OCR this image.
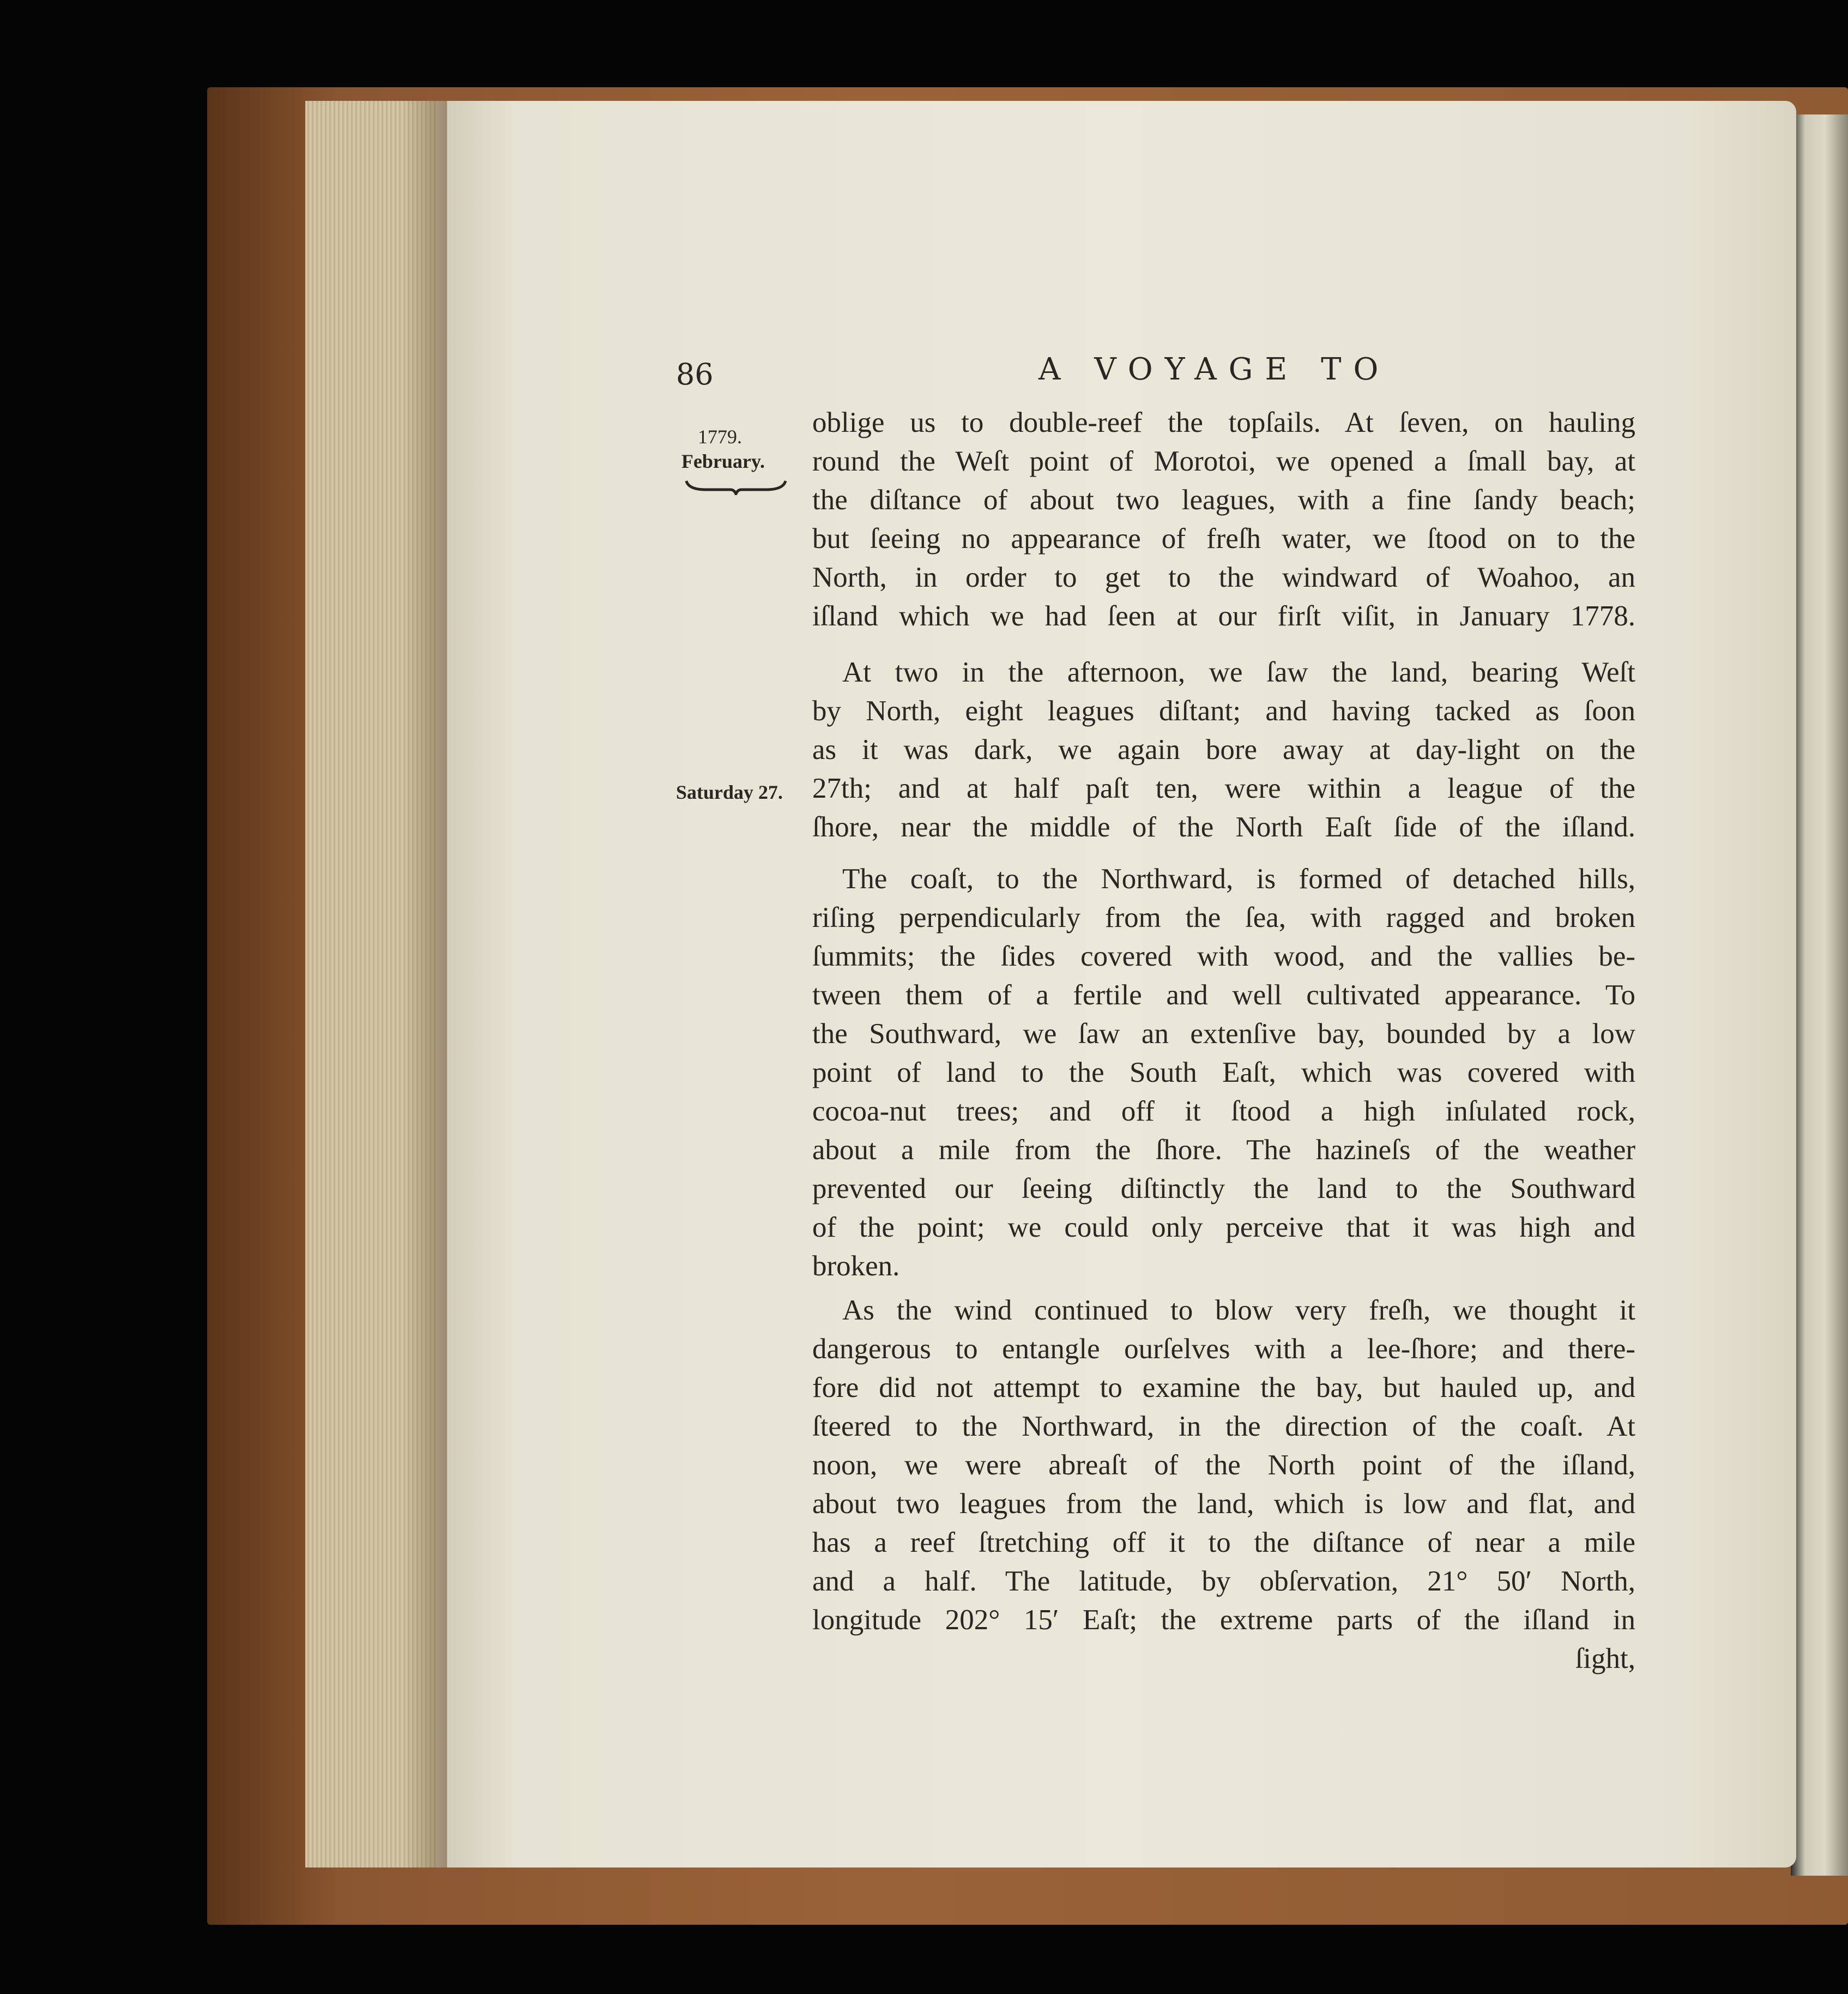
86	A VOYAGE TO
1779.
February.
Saturday 27.
oblige us to double-reef the topſails. At ſeven, on hauling
round the Weſt point of Morotoi, we opened a ſmall bay, at
the diſtance of about two leagues, with a fine ſandy beach;
but ſeeing no appearance of freſh water, we ſtood on to the
North, in order to get to the windward of Woahoo, an
iſland which we had ſeen at our firſt viſit, in January 1778.
At two in the afternoon, we ſaw the land, bearing Weſt
by North, eight leagues diſtant; and having tacked as ſoon
as it was dark, we again bore away at day-light on the
27th; and at half paſt ten, were within a league of the
ſhore, near the middle of the North Eaſt ſide of the iſland.
The coaſt, to the Northward, is formed of detached hills,
riſing perpendicularly from the ſea, with ragged and broken
ſummits; the ſides covered with wood, and the vallies be-
tween them of a fertile and well cultivated appearance. To
the Southward, we ſaw an extenſive bay, bounded by a low
point of land to the South Eaſt, which was covered with
cocoa-nut trees; and off it ſtood a high inſulated rock,
about a mile from the ſhore. The hazineſs of the weather
prevented our ſeeing diſtinctly the land to the Southward
of the point; we could only perceive that it was high and
broken.
As the wind continued to blow very freſh, we thought it
dangerous to entangle ourſelves with a lee-ſhore; and there-
fore did not attempt to examine the bay, but hauled up, and
ſteered to the Northward, in the direction of the coaſt. At
noon, we were abreaſt of the North point of the iſland,
about two leagues from the land, which is low and flat, and
has a reef ſtretching off it to the diſtance of near a mile
and a half. The latitude, by obſervation, 21° 50′ North,
longitude 202° 15′ Eaſt; the extreme parts of the iſland in
ſight,
